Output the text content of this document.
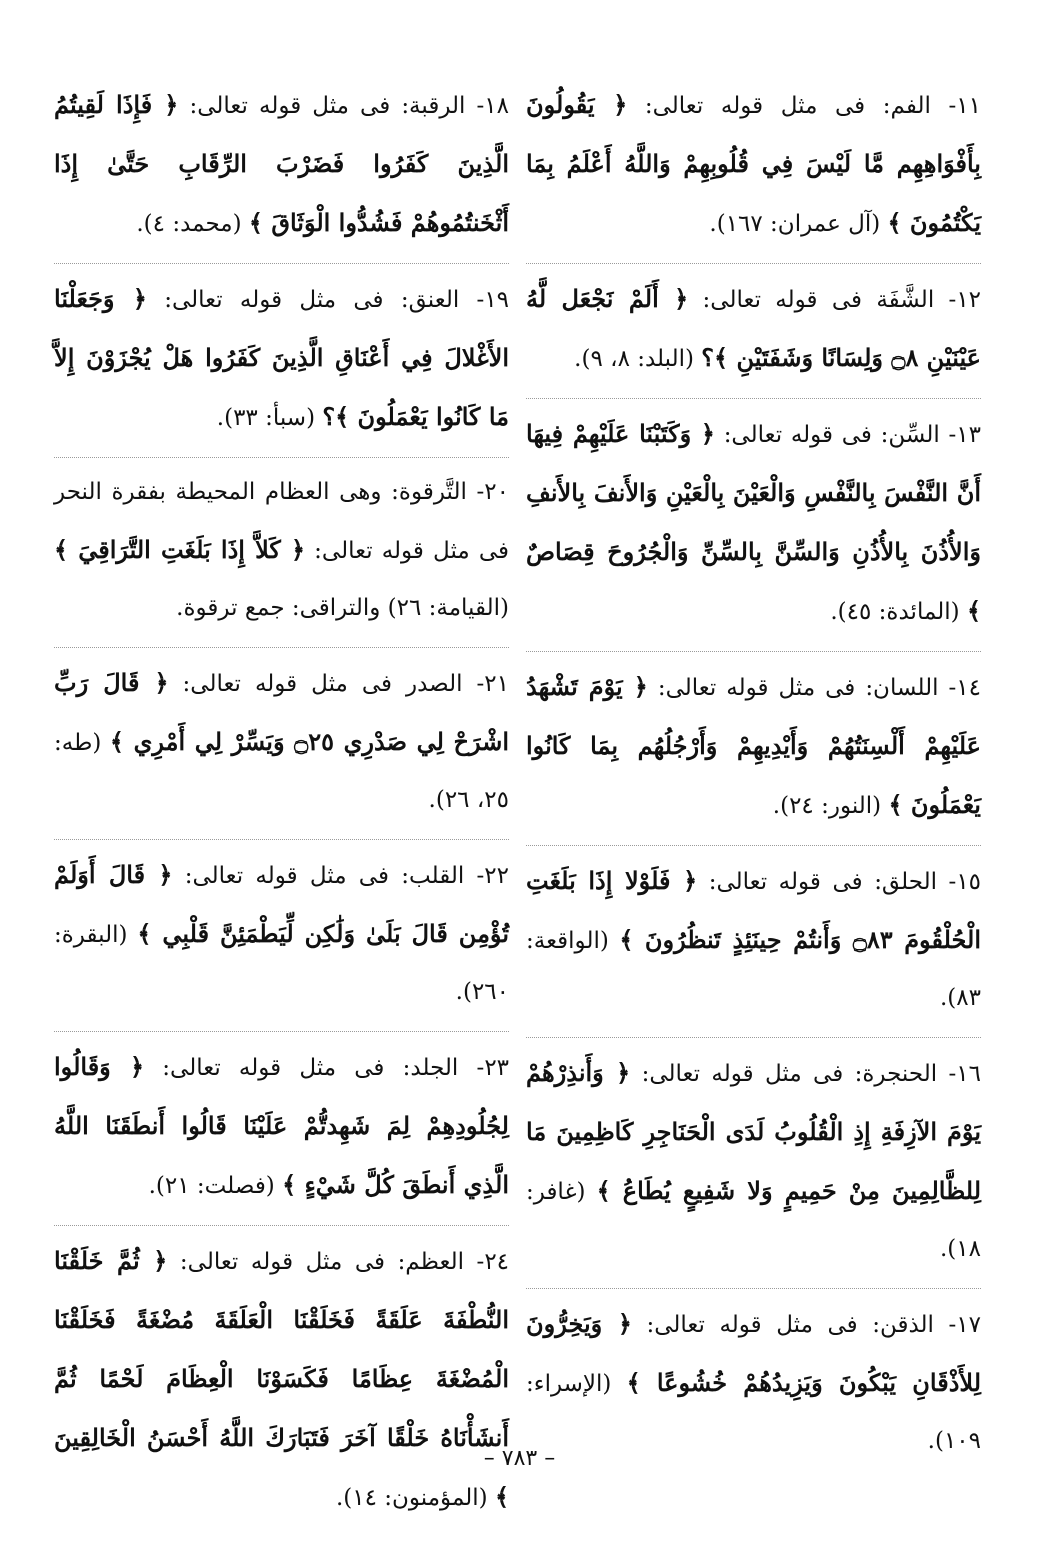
١١- الفم: فى مثل قوله تعالى: ﴿ يَقُولُونَ بِأَفْوَاهِهِم مَّا لَيْسَ فِي قُلُوبِهِمْ وَاللَّهُ أَعْلَمُ بِمَا يَكْتُمُونَ ﴾ (آل عمران: ١٦٧).
١٢- الشَّفَة فى قوله تعالى: ﴿ أَلَمْ نَجْعَل لَّهُ عَيْنَيْنِ ۝٨ وَلِسَانًا وَشَفَتَيْنِ ﴾؟ (البلد: ٨، ٩).
١٣- السِّن: فى قوله تعالى: ﴿ وَكَتَبْنَا عَلَيْهِمْ فِيهَا أَنَّ النَّفْسَ بِالنَّفْسِ وَالْعَيْنَ بِالْعَيْنِ وَالأَنفَ بِالأَنفِ وَالأُذُنَ بِالأُذُنِ وَالسِّنَّ بِالسِّنِّ وَالْجُرُوحَ قِصَاصٌ ﴾ (المائدة: ٤٥).
١٤- اللسان: فى مثل قوله تعالى: ﴿ يَوْمَ تَشْهَدُ عَلَيْهِمْ أَلْسِنَتُهُمْ وَأَيْدِيهِمْ وَأَرْجُلُهُم بِمَا كَانُوا يَعْمَلُونَ ﴾ (النور: ٢٤).
١٥- الحلق: فى قوله تعالى: ﴿ فَلَوْلا إِذَا بَلَغَتِ الْحُلْقُومَ ۝٨٣ وَأَنتُمْ حِينَئِذٍ تَنظُرُونَ ﴾ (الواقعة: ٨٣).
١٦- الحنجرة: فى مثل قوله تعالى: ﴿ وَأَنذِرْهُمْ يَوْمَ الآزِفَةِ إِذِ الْقُلُوبُ لَدَى الْحَنَاجِرِ كَاظِمِينَ مَا لِلظَّالِمِينَ مِنْ حَمِيمٍ وَلا شَفِيعٍ يُطَاعُ ﴾ (غافر: ١٨).
١٧- الذقن: فى مثل قوله تعالى: ﴿ وَيَخِرُّونَ لِلأَذْقَانِ يَبْكُونَ وَيَزِيدُهُمْ خُشُوعًا ﴾ (الإسراء: ١٠٩).
١٨- الرقبة: فى مثل قوله تعالى: ﴿ فَإِذَا لَقِيتُمُ الَّذِينَ كَفَرُوا فَضَرْبَ الرِّقَابِ حَتَّىٰ إِذَا أَثْخَنتُمُوهُمْ فَشُدُّوا الْوَثَاقَ ﴾ (محمد: ٤).
١٩- العنق: فى مثل قوله تعالى: ﴿ وَجَعَلْنَا الأَغْلالَ فِي أَعْنَاقِ الَّذِينَ كَفَرُوا هَلْ يُجْزَوْنَ إِلاَّ مَا كَانُوا يَعْمَلُونَ ﴾؟ (سبأ: ٣٣).
٢٠- التَّرقوة: وهى العظام المحيطة بفقرة النحر فى مثل قوله تعالى: ﴿ كَلاَّ إِذَا بَلَغَتِ التَّرَاقِيَ ﴾ (القيامة: ٢٦) والتراقى: جمع ترقوة.
٢١- الصدر فى مثل قوله تعالى: ﴿ قَالَ رَبِّ اشْرَحْ لِي صَدْرِي ۝٢٥ وَيَسِّرْ لِي أَمْرِي ﴾ (طه: ٢٥، ٢٦).
٢٢- القلب: فى مثل قوله تعالى: ﴿ قَالَ أَوَلَمْ تُؤْمِن قَالَ بَلَىٰ وَلَٰكِن لِّيَطْمَئِنَّ قَلْبِي ﴾ (البقرة: ٢٦٠).
٢٣- الجلد: فى مثل قوله تعالى: ﴿ وَقَالُوا لِجُلُودِهِمْ لِمَ شَهِدتُّمْ عَلَيْنَا قَالُوا أَنطَقَنَا اللَّهُ الَّذِي أَنطَقَ كُلَّ شَيْءٍ ﴾ (فصلت: ٢١).
٢٤- العظم: فى مثل قوله تعالى: ﴿ ثُمَّ خَلَقْنَا النُّطْفَةَ عَلَقَةً فَخَلَقْنَا الْعَلَقَةَ مُضْغَةً فَخَلَقْنَا الْمُضْغَةَ عِظَامًا فَكَسَوْنَا الْعِظَامَ لَحْمًا ثُمَّ أَنشَأْنَاهُ خَلْقًا آخَرَ فَتَبَارَكَ اللَّهُ أَحْسَنُ الْخَالِقِينَ ﴾ (المؤمنون: ١٤).
– ٧٨٣ –
